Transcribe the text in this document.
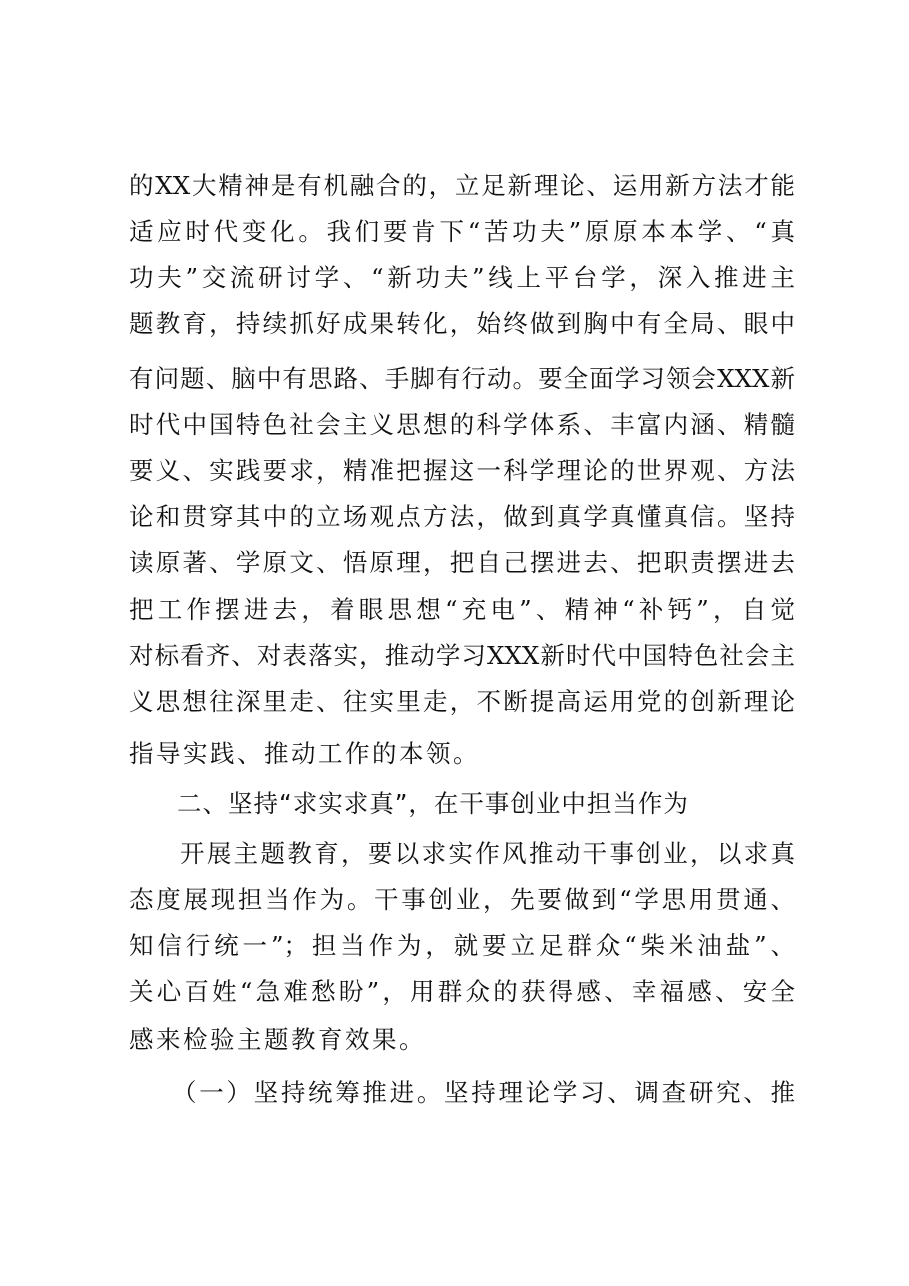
的XX大精神是有机融合的，立足新理论、运用新方法才能
适应时代变化。我们要肯下“苦功夫”原原本本学、“真
功夫”交流研讨学、“新功夫”线上平台学，深入推进主
题教育，持续抓好成果转化，始终做到胸中有全局、眼中
有问题、脑中有思路、手脚有行动。要全面学习领会XXX新
时代中国特色社会主义思想的科学体系、丰富内涵、精髓
要义、实践要求，精准把握这一科学理论的世界观、方法
论和贯穿其中的立场观点方法，做到真学真懂真信。坚持
读原著、学原文、悟原理，把自己摆进去、把职责摆进去
把工作摆进去，着眼思想“充电”、精神“补钙”，自觉
对标看齐、对表落实，推动学习XXX新时代中国特色社会主
义思想往深里走、往实里走，不断提高运用党的创新理论
指导实践、推动工作的本领。
二、坚持“求实求真”，在干事创业中担当作为
开展主题教育，要以求实作风推动干事创业，以求真
态度展现担当作为。干事创业，先要做到“学思用贯通、
知信行统一”；担当作为，就要立足群众“柴米油盐”、
关心百姓“急难愁盼”，用群众的获得感、幸福感、安全
感来检验主题教育效果。
（一）坚持统筹推进。坚持理论学习、调查研究、推
